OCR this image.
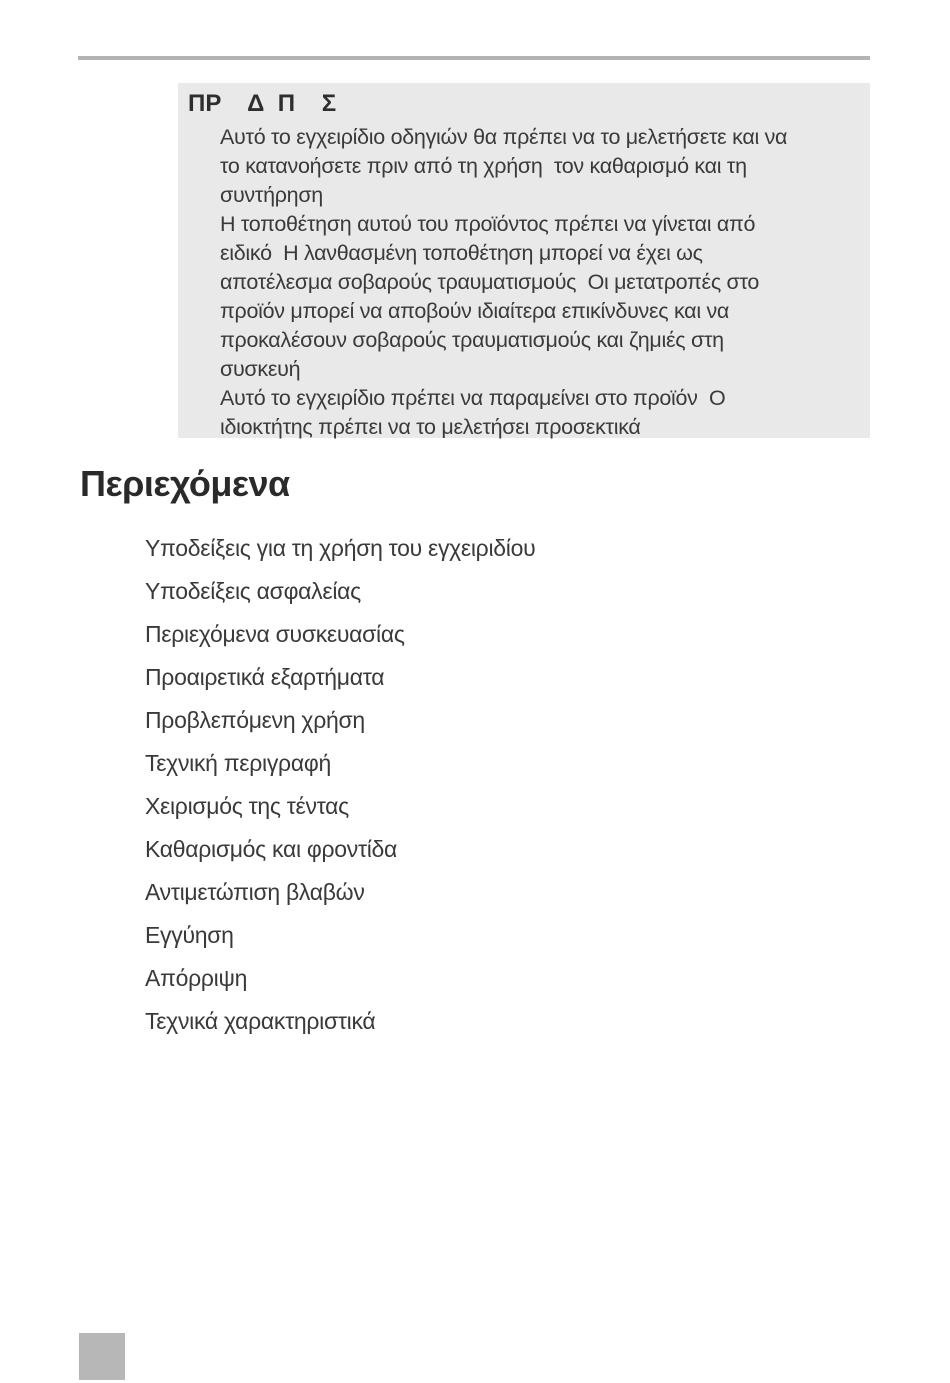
ΠΡ    Δ  Π    Σ
Αυτό το εγχειρίδιο οδηγιών θα πρέπει να το μελετήσετε και να
το κατανοήσετε πριν από τη χρήση  τον καθαρισμό και τη
συντήρηση
Η τοποθέτηση αυτού του προϊόντος πρέπει να γίνεται από
ειδικό  Η λανθασμένη τοποθέτηση μπορεί να έχει ως
αποτέλεσμα σοβαρούς τραυματισμούς  Οι μετατροπές στο
προϊόν μπορεί να αποβούν ιδιαίτερα επικίνδυνες και να
προκαλέσουν σοβαρούς τραυματισμούς και ζημιές στη
συσκευή
Αυτό το εγχειρίδιο πρέπει να παραμείνει στο προϊόν  Ο
ιδιοκτήτης πρέπει να το μελετήσει προσεκτικά
Περιεχόμενα
Υποδείξεις για τη χρήση του εγχειριδίου
Υποδείξεις ασφαλείας
Περιεχόμενα συσκευασίας
Προαιρετικά εξαρτήματα
Προβλεπόμενη χρήση
Τεχνική περιγραφή
Χειρισμός της τέντας
Καθαρισμός και φροντίδα
Αντιμετώπιση βλαβών
Εγγύηση
Απόρριψη
Τεχνικά χαρακτηριστικά
